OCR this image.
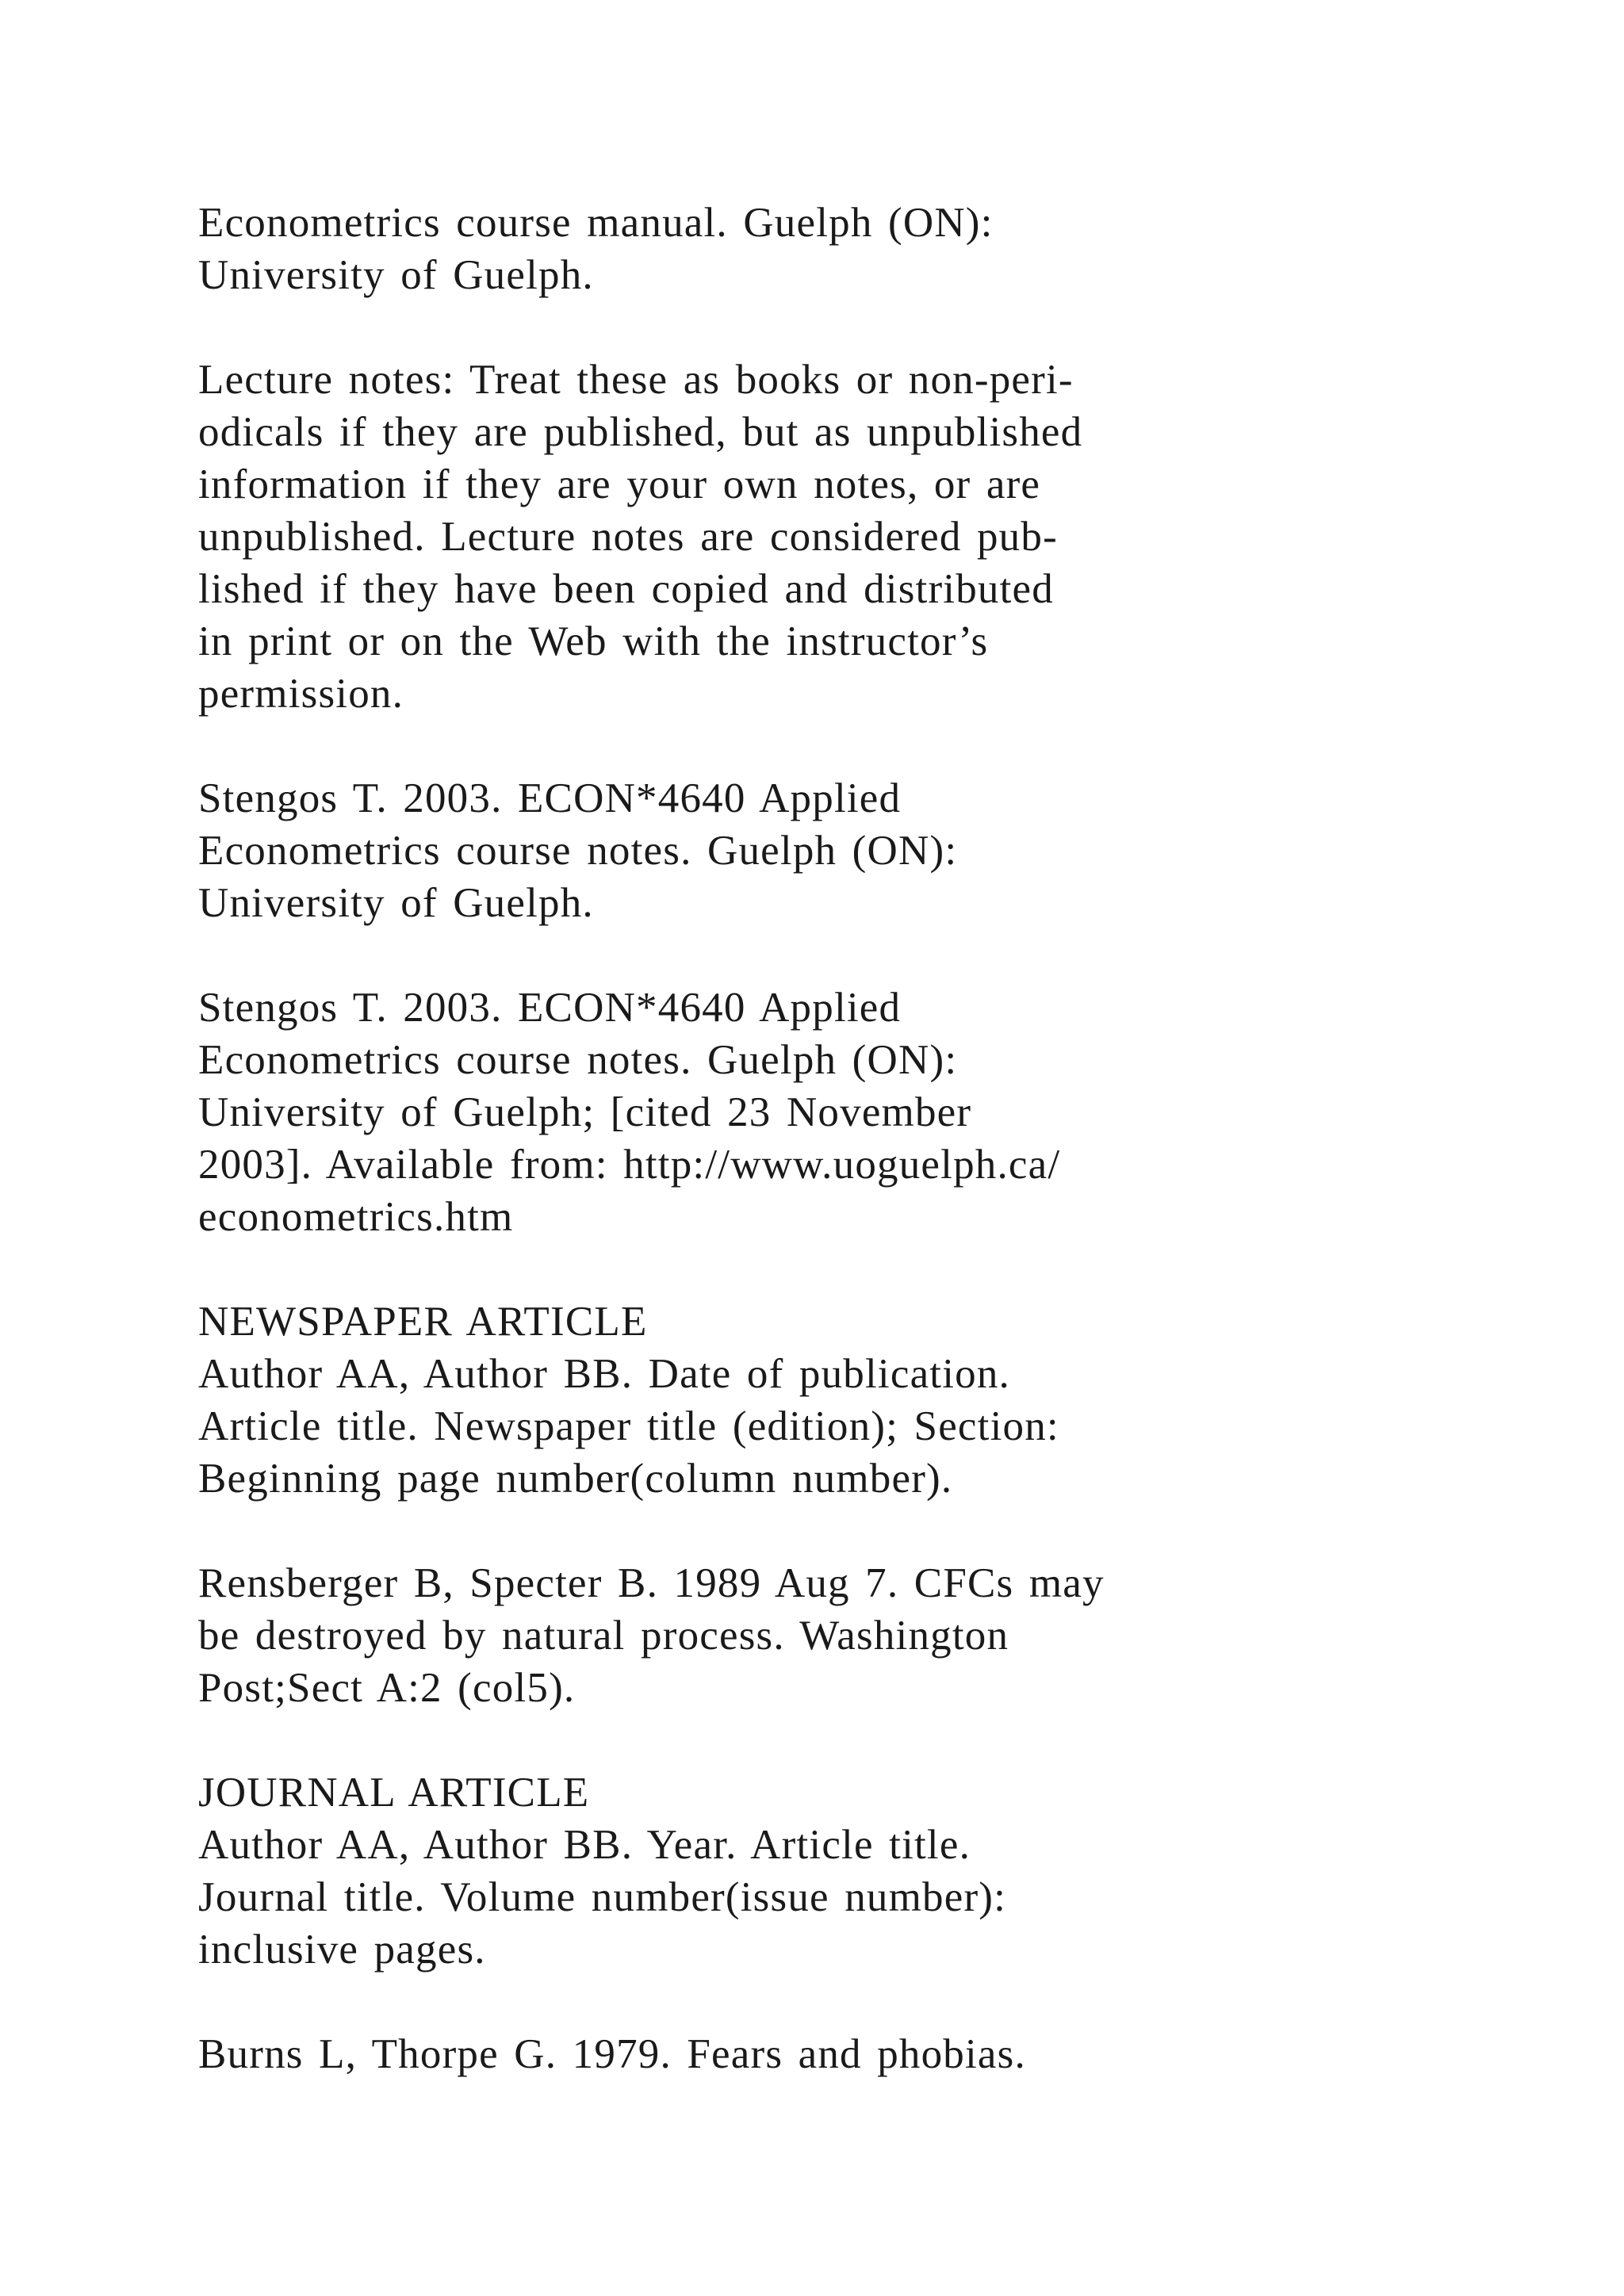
Econometrics course manual. Guelph (ON):
University of Guelph.
Lecture notes: Treat these as books or non-peri-
odicals if they are published, but as unpublished
information if they are your own notes, or are
unpublished. Lecture notes are considered pub-
lished if they have been copied and distributed
in print or on the Web with the instructor’s
permission.
Stengos T. 2003. ECON*4640 Applied
Econometrics course notes. Guelph (ON):
University of Guelph.
Stengos T. 2003. ECON*4640 Applied
Econometrics course notes. Guelph (ON):
University of Guelph; [cited 23 November
2003]. Available from: http://www.uoguelph.ca/
econometrics.htm
NEWSPAPER ARTICLE
Author AA, Author BB. Date of publication.
Article title. Newspaper title (edition); Section:
Beginning page number(column number).
Rensberger B, Specter B. 1989 Aug 7. CFCs may
be destroyed by natural process. Washington
Post;Sect A:2 (col5).
JOURNAL ARTICLE
Author AA, Author BB. Year. Article title.
Journal title. Volume number(issue number):
inclusive pages.
Burns L, Thorpe G. 1979. Fears and phobias.
